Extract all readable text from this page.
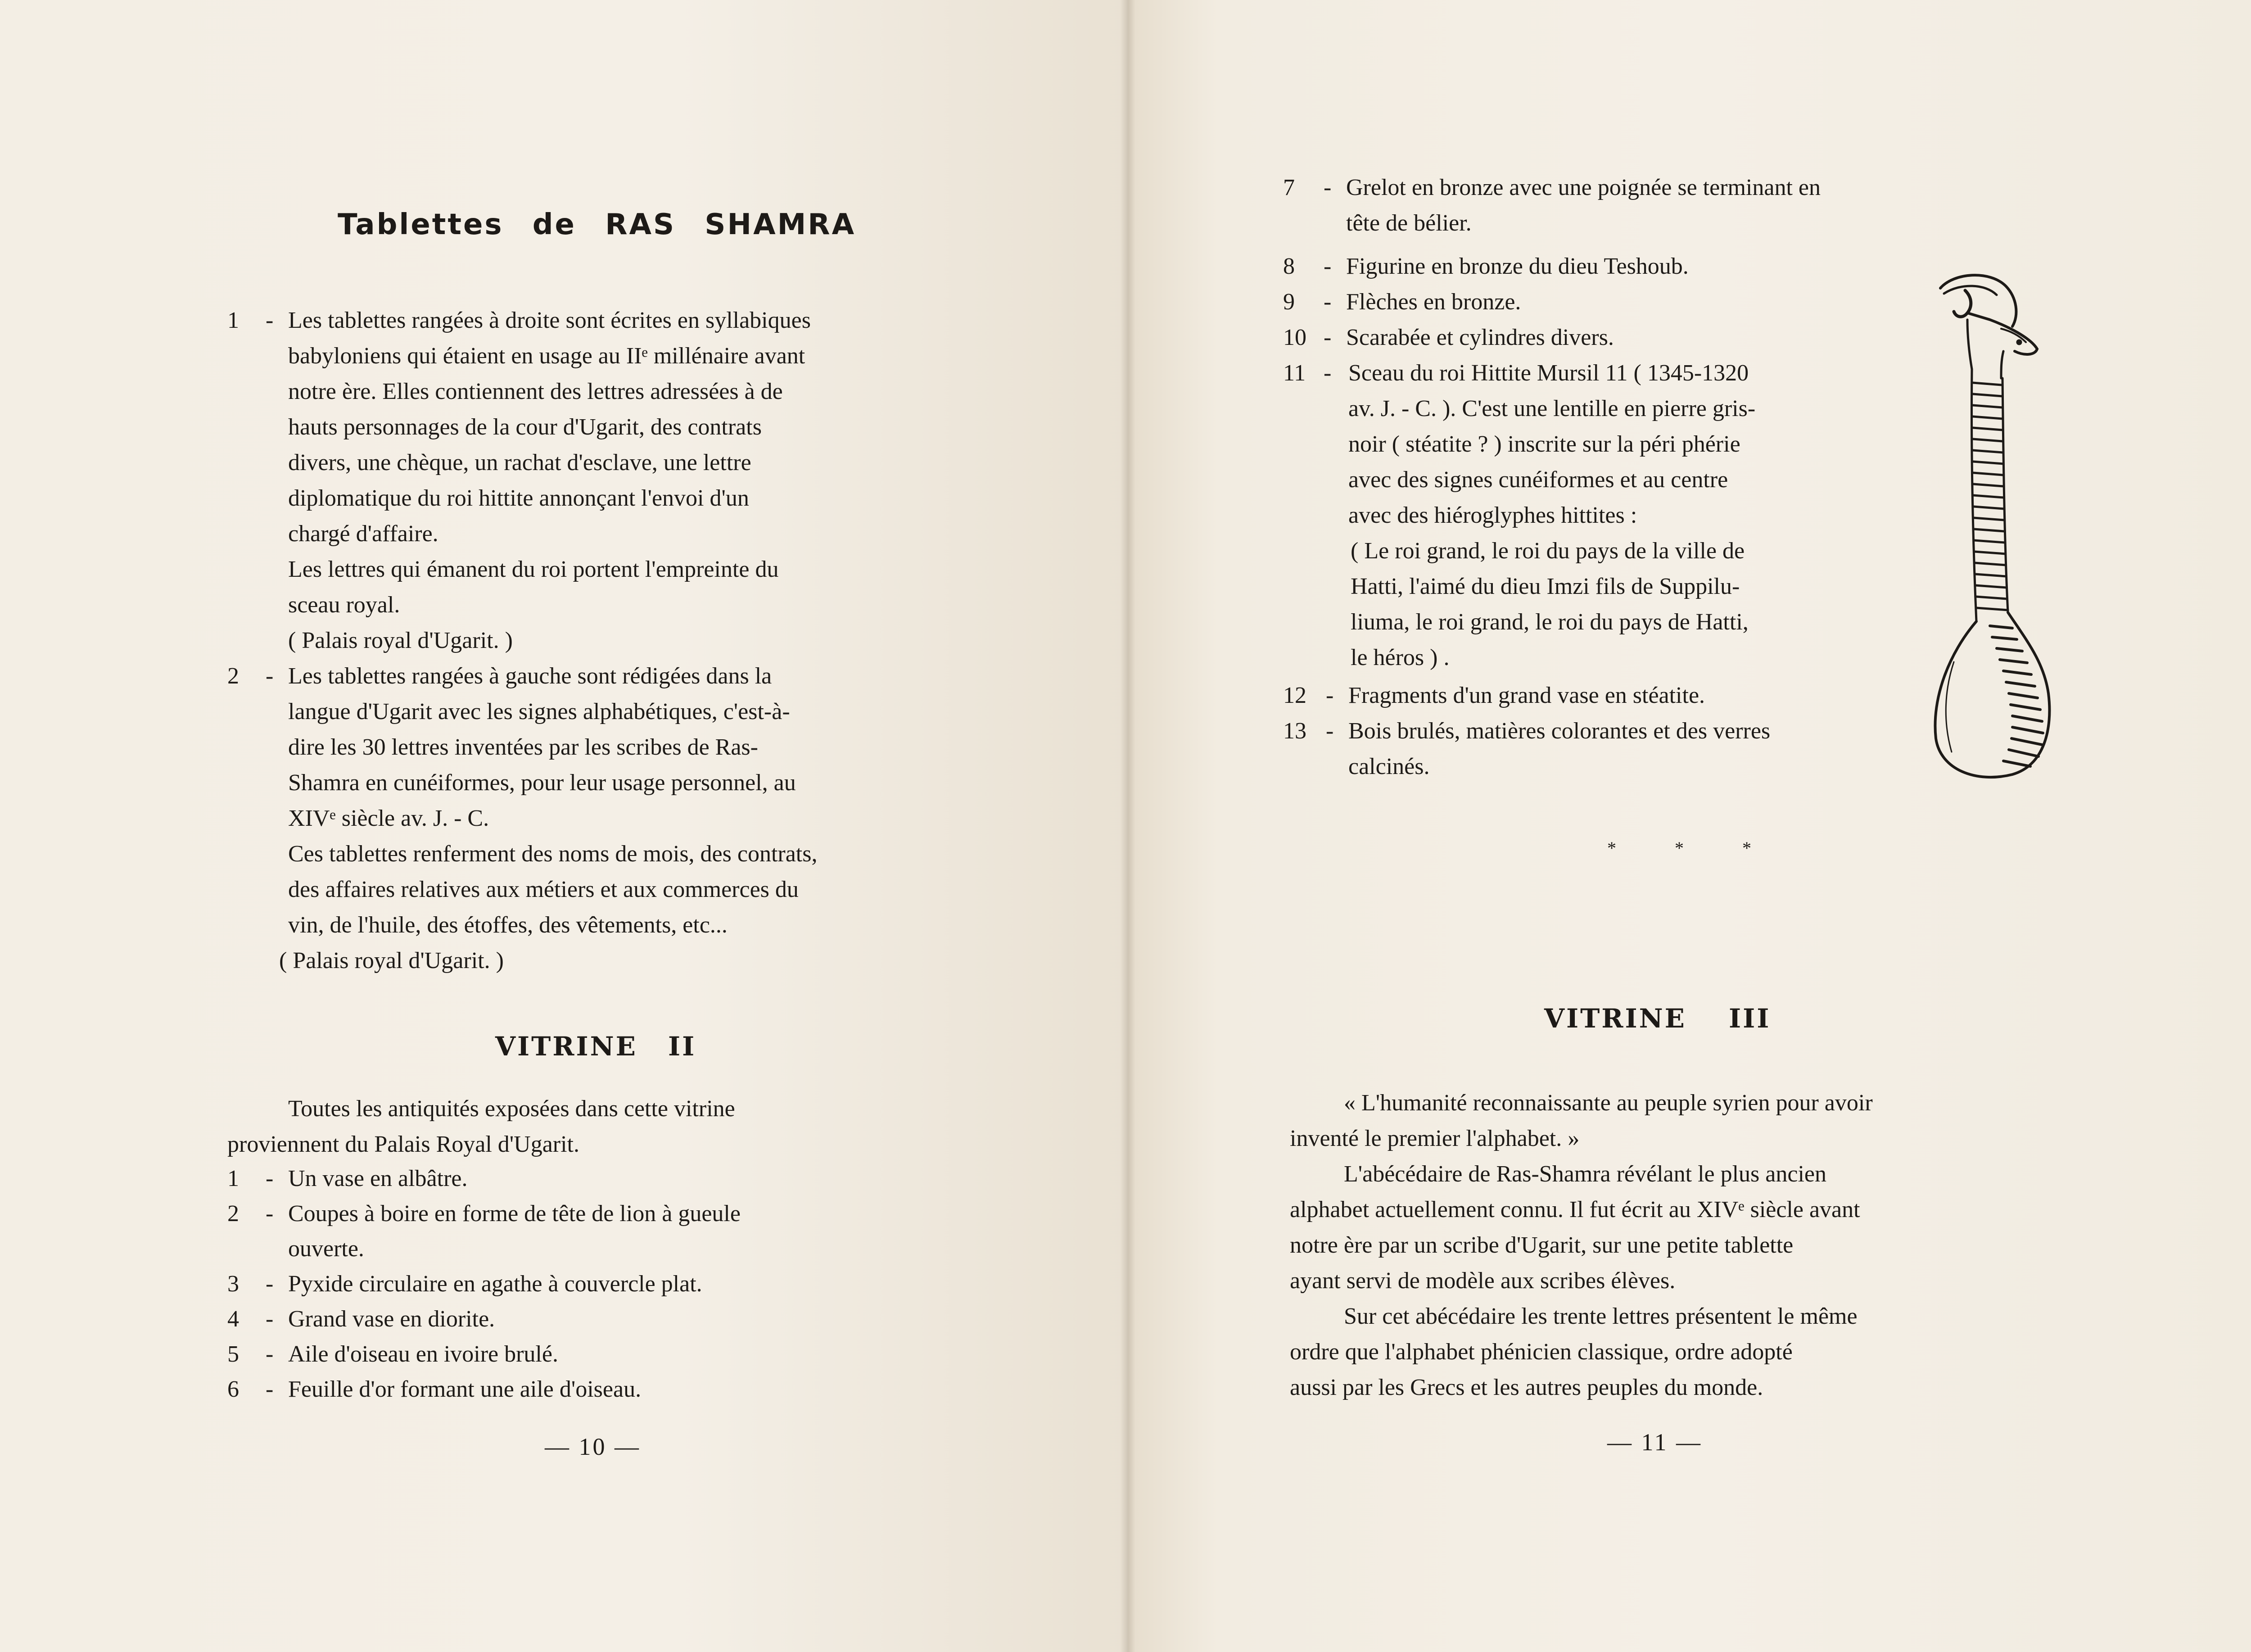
Tablettes de RAS SHAMRA
1 - Les tablettes rangées à droite sont écrites en syllabiques
babyloniens qui étaient en usage au IIᵉ millénaire avant
notre ère. Elles contiennent des lettres adressées à de
hauts personnages de la cour d'Ugarit, des contrats
divers, une chèque, un rachat d'esclave, une lettre
diplomatique du roi hittite annonçant l'envoi d'un
chargé d'affaire.
Les lettres qui émanent du roi portent l'empreinte du
sceau royal.
( Palais royal d'Ugarit. )
2 - Les tablettes rangées à gauche sont rédigées dans la
langue d'Ugarit avec les signes alphabétiques, c'est-à-
dire les 30 lettres inventées par les scribes de Ras-
Shamra en cunéiformes, pour leur usage personnel, au
XIVᵉ siècle av. J. - C.
Ces tablettes renferment des noms de mois, des contrats,
des affaires relatives aux métiers et aux commerces du
vin, de l'huile, des étoffes, des vêtements, etc...
( Palais royal d'Ugarit. )
VITRINE II
Toutes les antiquités exposées dans cette vitrine
proviennent du Palais Royal d'Ugarit.
1 - Un vase en albâtre.
2 - Coupes à boire en forme de tête de lion à gueule
ouverte.
3 - Pyxide circulaire en agathe à couvercle plat.
4 - Grand vase en diorite.
5 - Aile d'oiseau en ivoire brulé.
6 - Feuille d'or formant une aile d'oiseau.
— 10 —
7 - Grelot en bronze avec une poignée se terminant en
tête de bélier.
8 - Figurine en bronze du dieu Teshoub.
9 - Flèches en bronze.
10 - Scarabée et cylindres divers.
11 - Sceau du roi Hittite Mursil 11 ( 1345-1320
av. J. - C. ). C'est une lentille en pierre gris-
noir ( stéatite ? ) inscrite sur la péri phérie
avec des signes cunéiformes et au centre
avec des hiéroglyphes hittites :
( Le roi grand, le roi du pays de la ville de
Hatti, l'aimé du dieu Imzi fils de Suppilu-
liuma, le roi grand, le roi du pays de Hatti,
le héros ) .
12 - Fragments d'un grand vase en stéatite.
13 - Bois brulés, matières colorantes et des verres
calcinés.
* * *
VITRINE III
« L'humanité reconnaissante au peuple syrien pour avoir
inventé le premier l'alphabet. »
L'abécédaire de Ras-Shamra révélant le plus ancien
alphabet actuellement connu. Il fut écrit au XIVᵉ siècle avant
notre ère par un scribe d'Ugarit, sur une petite tablette
ayant servi de modèle aux scribes élèves.
Sur cet abécédaire les trente lettres présentent le même
ordre que l'alphabet phénicien classique, ordre adopté
aussi par les Grecs et les autres peuples du monde.
— 11 —
